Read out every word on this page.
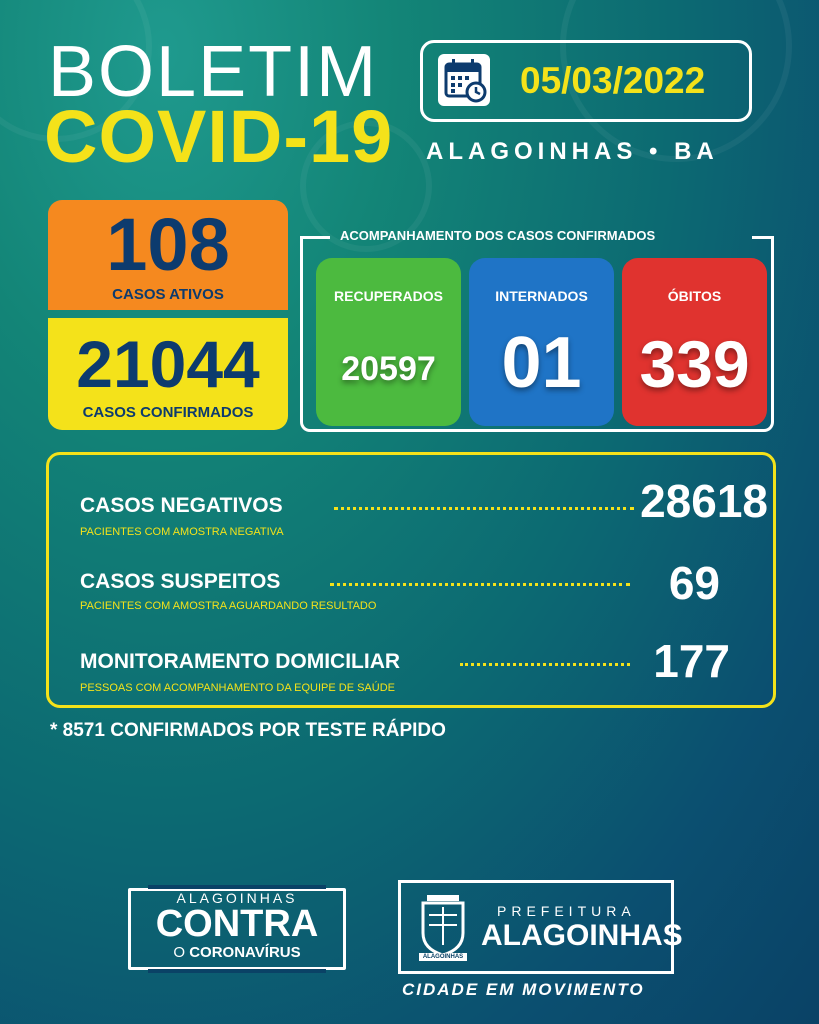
BOLETIM
COVID-19
05/03/2022
ALAGOINHAS • BA
108
CASOS ATIVOS
21044
CASOS CONFIRMADOS
ACOMPANHAMENTO DOS CASOS CONFIRMADOS
RECUPERADOS
20597
INTERNADOS
01
ÓBITOS
339
CASOS NEGATIVOS	28618
PACIENTES COM AMOSTRA NEGATIVA
CASOS SUSPEITOS	69
PACIENTES COM AMOSTRA AGUARDANDO RESULTADO
MONITORAMENTO DOMICILIAR	177
PESSOAS COM ACOMPANHAMENTO DA EQUIPE DE SAÚDE
* 8571 CONFIRMADOS POR TESTE RÁPIDO
ALAGOINHAS
CONTRA
O CORONAVÍRUS	ALAGOINHAS
PREFEITURA
ALAGOINHAS
CIDADE EM MOVIMENTO
